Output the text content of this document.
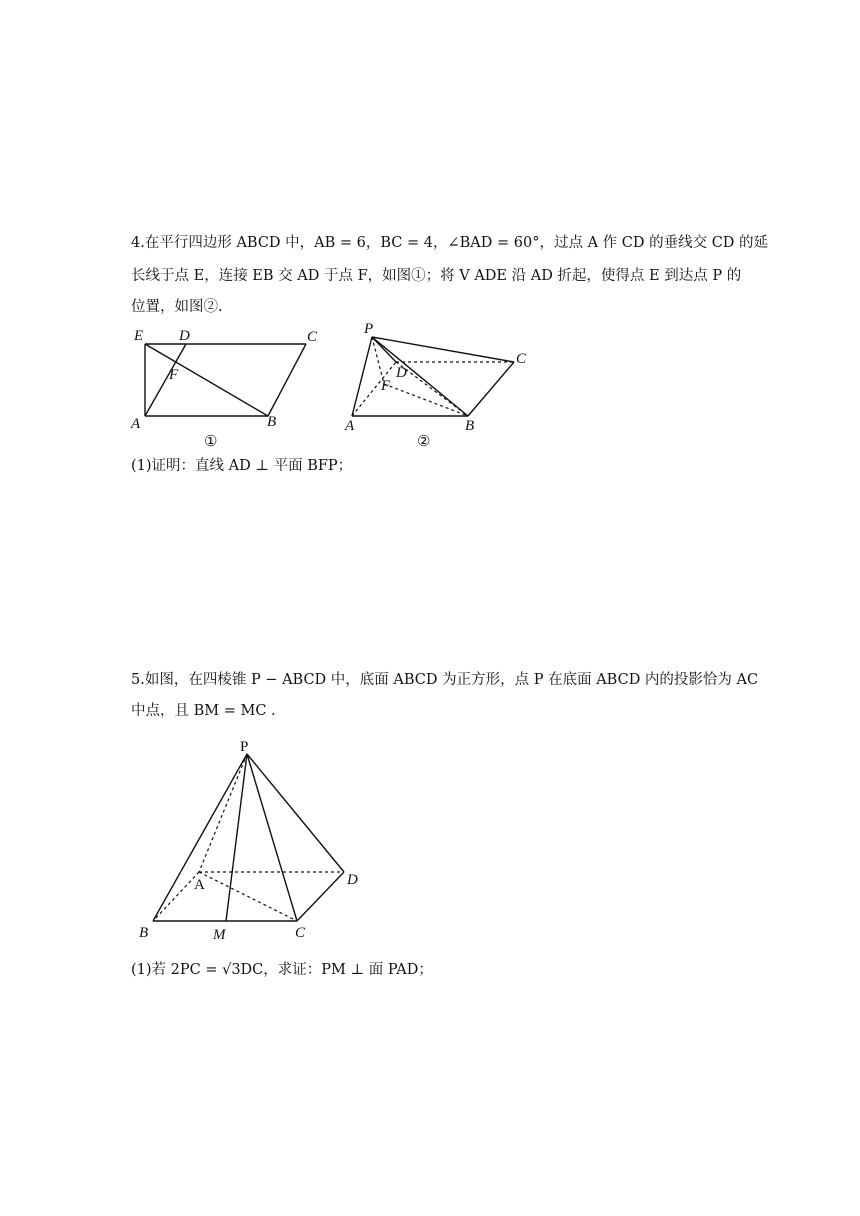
4.在平行四边形 ABCD 中，AB = 6，BC = 4，∠BAD = 60°，过点 A 作 CD 的垂线交 CD 的延
长线于点 E，连接 EB 交 AD 于点 F，如图①；将 V ADE 沿 AD 折起，使得点 E 到达点 P 的
位置，如图②.
E D	C
F
A	B
①
P
C
D
F
A	B
②
P
A	D
B	M	C
(1)证明：直线 AD ⊥ 平面 BFP；
5.如图，在四棱锥 P − ABCD 中，底面 ABCD 为正方形，点 P 在底面 ABCD 内的投影恰为 AC
中点，且 BM = MC .
(1)若 2PC = √3DC，求证：PM ⊥ 面 PAD；
